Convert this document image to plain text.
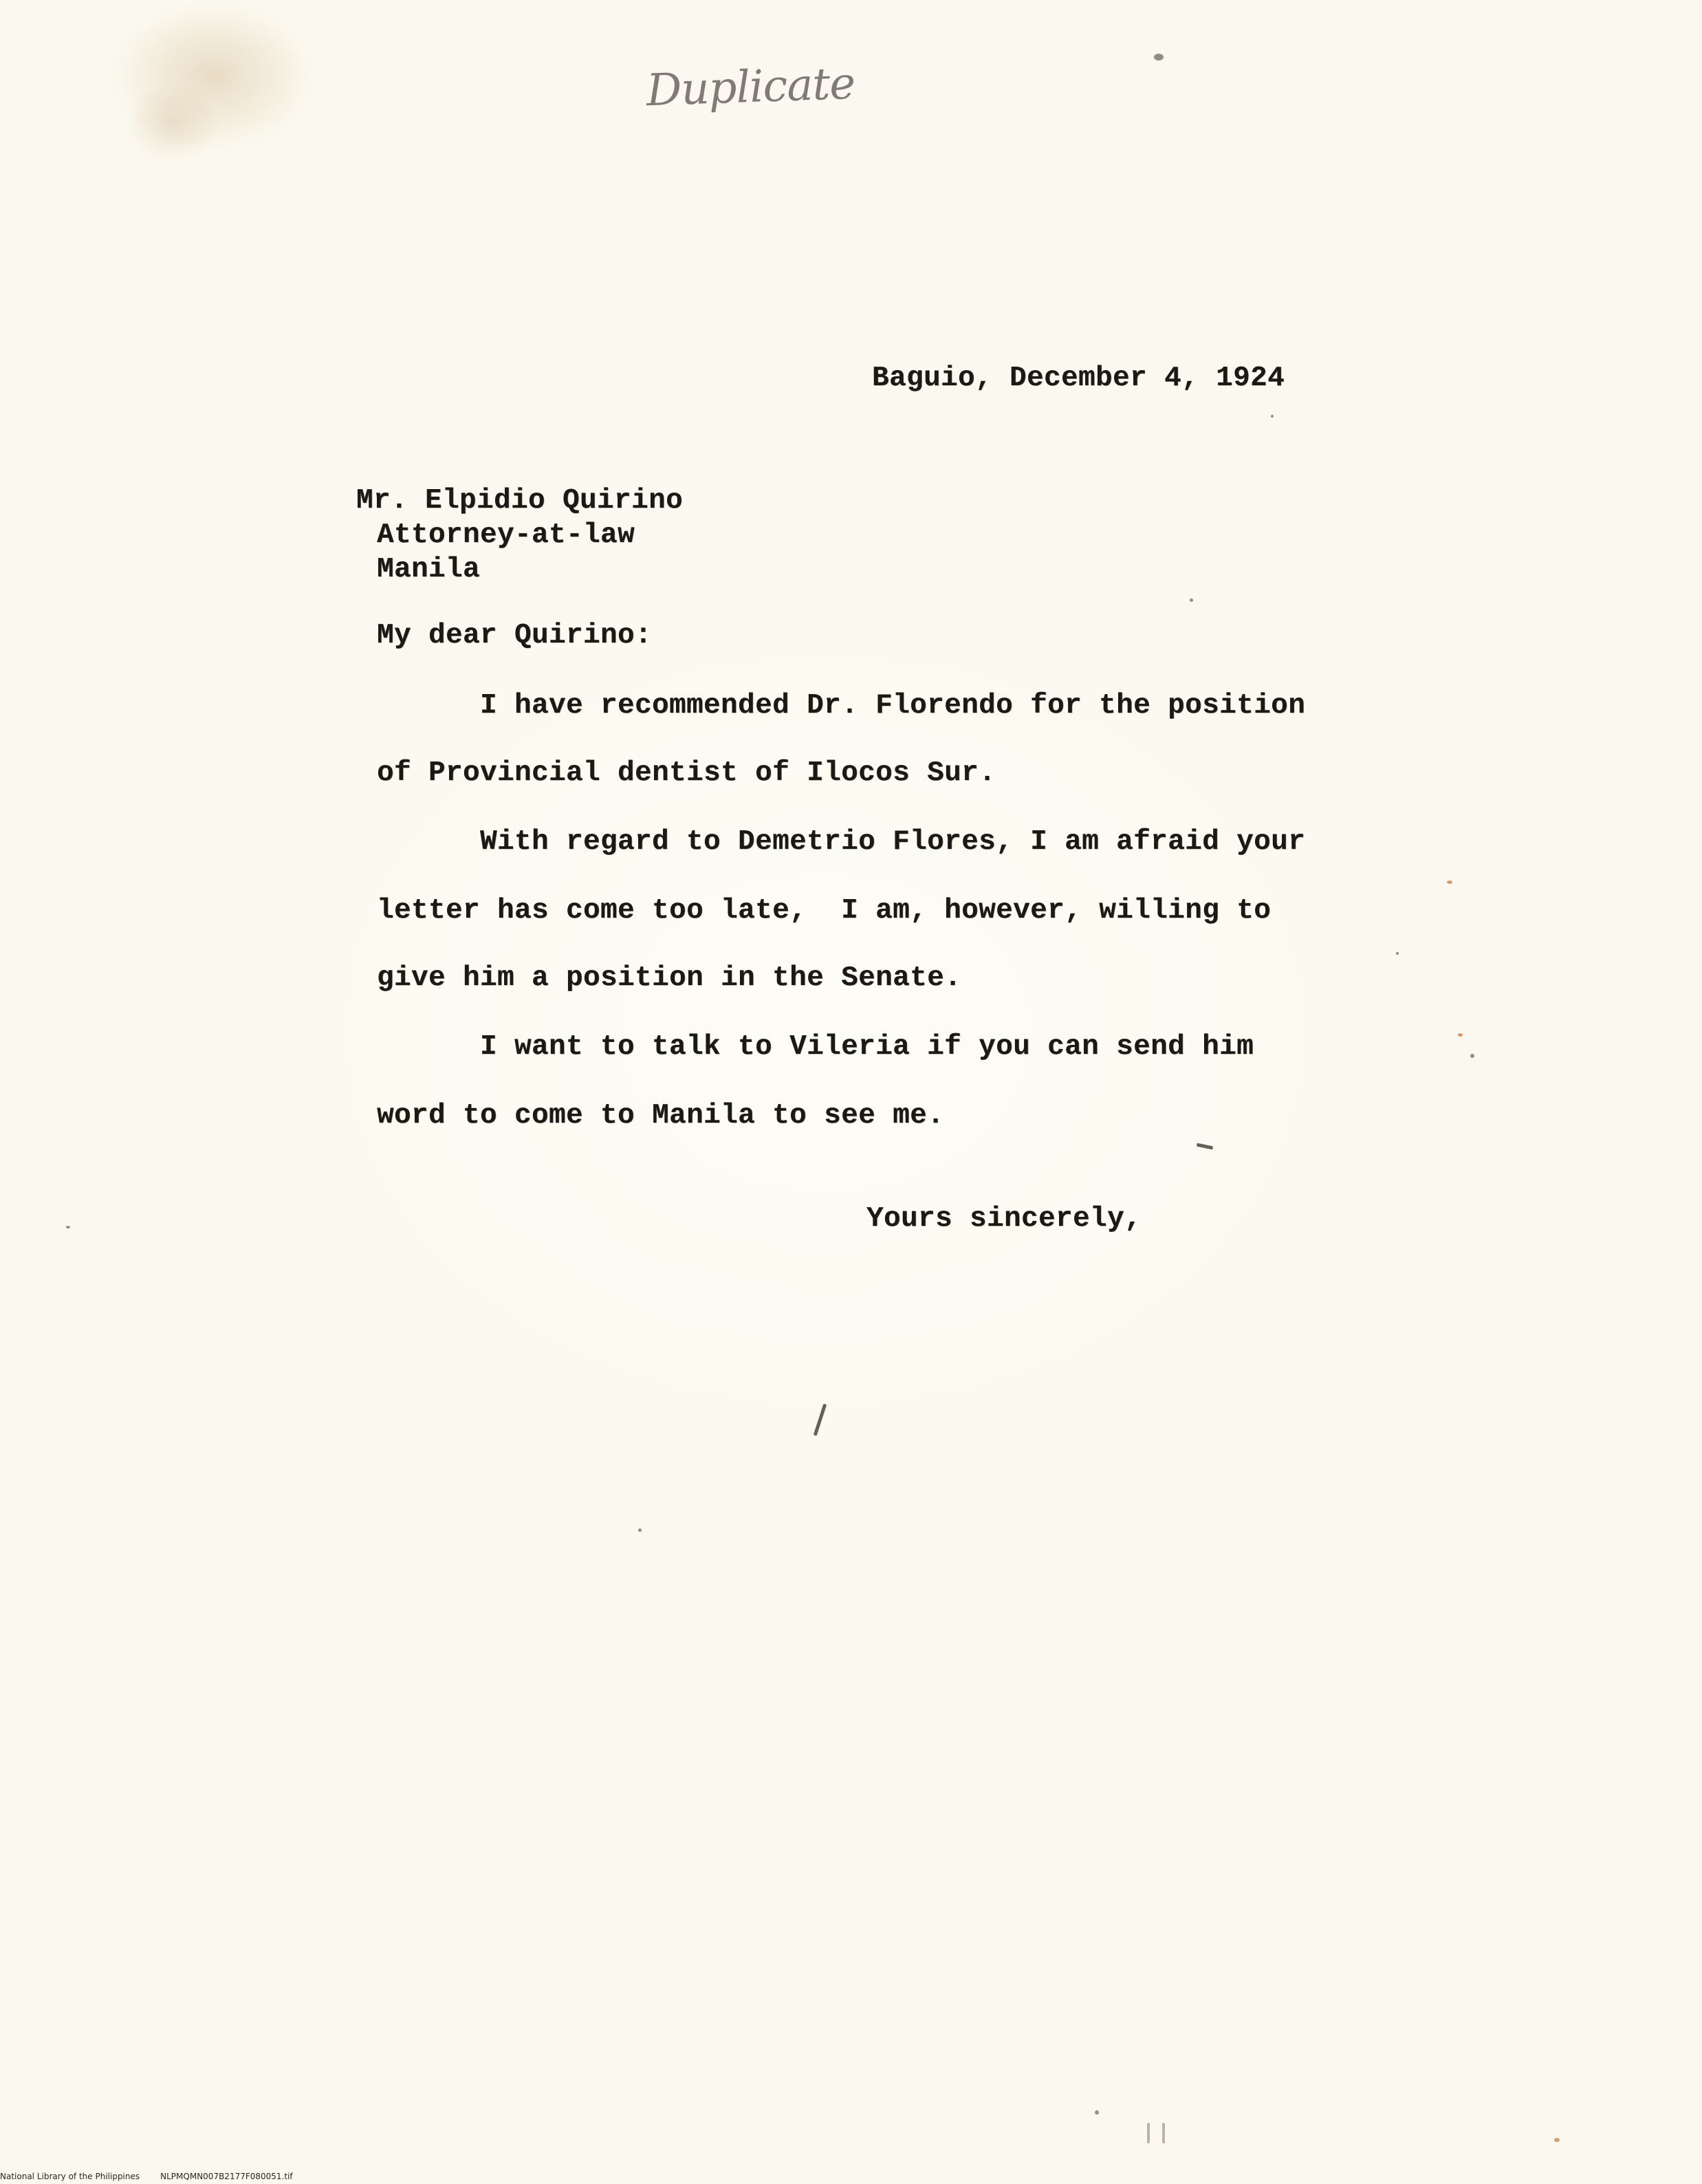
Duplicate
Baguio, December 4, 1924
Mr. Elpidio Quirino
Attorney-at-law
Manila
My dear Quirino:
I have recommended Dr. Florendo for the position
of Provincial dentist of Ilocos Sur.
With regard to Demetrio Flores, I am afraid your
letter has come too late,  I am, however, willing to
give him a position in the Senate.
I want to talk to Vileria if you can send him
word to come to Manila to see me.
Yours sincerely,
National Library of the Philippines	NLPMQMN007B2177F080051.tif
